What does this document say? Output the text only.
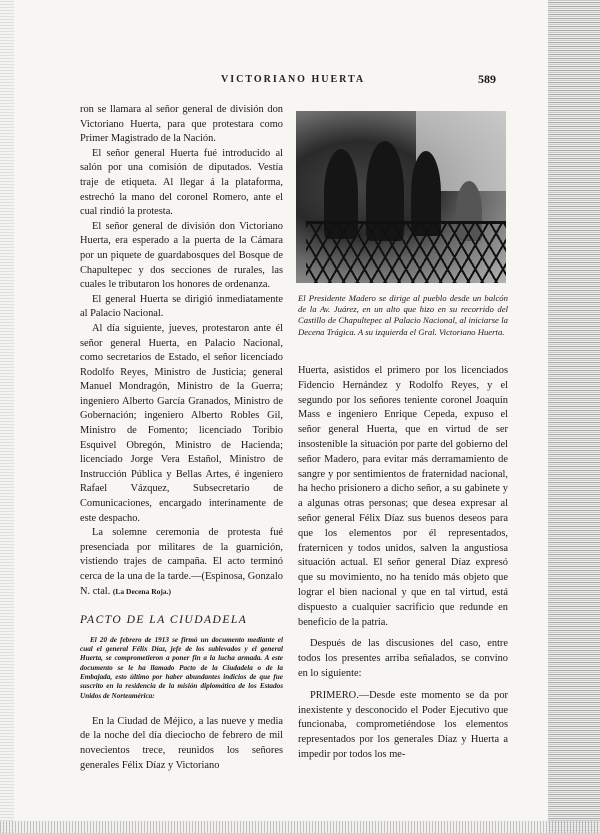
VICTORIANO HUERTA	589

ron se llamara al señor general de división don Victoriano Huerta, para que protestara como Primer Magistrado de la Nación.

El señor general Huerta fué introducido al salón por una comisión de diputados. Vestía traje de etiqueta. Al llegar á la plataforma, estrechó la mano del coronel Romero, ante el cual rindió la protesta.

El señor general de división don Victoriano Huerta, era esperado a la puerta de la Cámara por un piquete de guardabosques del Bosque de Chapultepec y dos secciones de rurales, las cuales le tributaron los honores de ordenanza.

El general Huerta se dirigió inmediatamente al Palacio Nacional.

Al día siguiente, jueves, protestaron ante él señor general Huerta, en Palacio Nacional, como secretarios de Estado, el señor licenciado Rodolfo Reyes, Ministro de Justicia; general Manuel Mondragón, Ministro de la Guerra; ingeniero Alberto García Granados, Ministro de Gobernación; ingeniero Alberto Robles Gil, Ministro de Fomento; licenciado Toribio Esquivel Obregón, Ministro de Hacienda; licenciado Jorge Vera Estañol, Ministro de Instrucción Pública y Bellas Artes, é ingeniero Rafael Vázquez, Subsecretario de Comunicaciones, encargado interinamente de este despacho.

La solemne ceremonia de protesta fué presenciada por militares de la guarnición, vistiendo trajes de campaña. El acto terminó cerca de la una de la tarde.—(Espinosa, Gonzalo N. ctal. (La Decena Roja.)

PACTO DE LA CIUDADELA

El 20 de febrero de 1913 se firmó un documento mediante el cual el general Félix Díaz, jefe de los sublevados y el general Huerta, se comprometieron a poner fin a la lucha armada. A este documento se le ha llamado Pacto de la Ciudadela o de la Embajada, esto último por haber abundantes indicios de que fue suscrito en la residencia de la misión diplomática de los Estados Unidos de Norteamérica:

En la Ciudad de Méjico, a las nueve y media de la noche del día dieciocho de febrero de mil novecientos trece, reunidos los señores generales Félix Díaz y Victoriano

El Presidente Madero se dirige al pueblo desde un balcón de la Av. Juárez, en un alto que hizo en su recorrido del Castillo de Chapultepec al Palacio Nacional, al iniciarse la Decena Trágica. A su izquierda el Gral. Victoriano Huerta.

Huerta, asistidos el primero por los licenciados Fidencio Hernández y Rodolfo Reyes, y el segundo por los señores teniente coronel Joaquín Mass e ingeniero Enrique Cepeda, expuso el señor general Huerta, que en virtud de ser insostenible la situación por parte del gobierno del señor Madero, para evitar más derramamiento de sangre y por sentimientos de fraternidad nacional, ha hecho prisionero a dicho señor, a su gabinete y a algunas otras personas; que desea expresar al señor general Félix Díaz sus buenos deseos para que los elementos por él representados, fraternicen y todos unidos, salven la angustiosa situación actual. El señor general Díaz expresó que su movimiento, no ha tenido más objeto que lograr el bien nacional y que en tal virtud, está dispuesto a cualquier sacrificio que redunde en beneficio de la patria.

Después de las discusiones del caso, entre todos los presentes arriba señalados, se convino en lo siguiente:

PRIMERO.—Desde este momento se da por inexistente y desconocido el Poder Ejecutivo que funcionaba, comprometiéndose los elementos representados por los generales Díaz y Huerta a impedir por todos los me-
